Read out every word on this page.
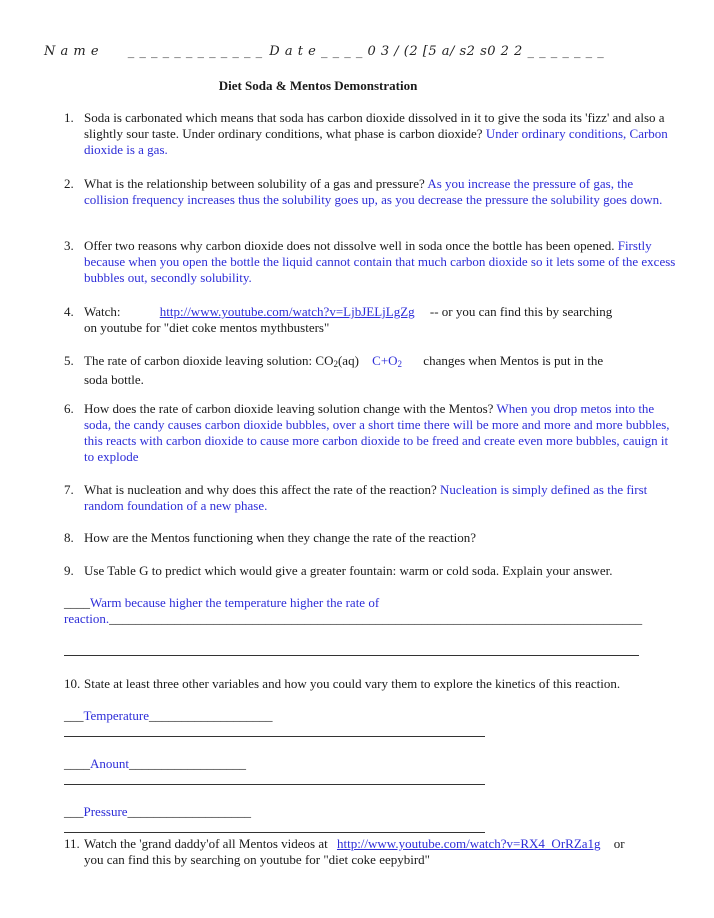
N a m e _ _ _ _ _ _ _ _ _ _ _ _ D a t e _ _ _ _ 0 3 / (2 [5 a/ s2 s0 2 2 _ _ _ _ _ _ _
Diet Soda & Mentos Demonstration
1. Soda is carbonated which means that soda has carbon dioxide dissolved in it to give the soda its 'fizz' and also a slightly sour taste. Under ordinary conditions, what phase is carbon dioxide? Under ordinary conditions, Carbon dioxide is a gas.
2. What is the relationship between solubility of a gas and pressure? As you increase the pressure of gas, the collision frequency increases thus the solubility goes up, as you decrease the pressure the solubility goes down.
3. Offer two reasons why carbon dioxide does not dissolve well in soda once the bottle has been opened. Firstly because when you open the bottle the liquid cannot contain that much carbon dioxide so it lets some of the excess bubbles out, secondly solubility.
4. Watch:	http://www.youtube.com/watch?v=LjbJELjLgZg -- or you can find this by searching
on youtube for "diet coke mentos mythbusters"
5. The rate of carbon dioxide leaving solution: $CO_2(aq)$ $C+O_2$ changes when Mentos is put in the
soda bottle.
6. How does the rate of carbon dioxide leaving solution change with the Mentos? When you drop metos into the soda, the candy causes carbon dioxide bubbles, over a short time there will be more and more and more bubbles, this reacts with carbon dioxide to cause more carbon dioxide to be freed and create even more bubbles, cauign it to explode
7. What is nucleation and why does this affect the rate of the reaction? Nucleation is simply defined as the first random foundation of a new phase.
8. How are the Mentos functioning when they change the rate of the reaction?
9. Use Table G to predict which would give a greater fountain: warm or cold soda. Explain your answer.
____Warm because higher the temperature higher the rate of
reaction.__________________________________________________________________________________
10. State at least three other variables and how you could vary them to explore the kinetics of this reaction.
___Temperature___________________
____Anount__________________
___Pressure___________________
11. Watch the 'grand daddy'of all Mentos videos at http://www.youtube.com/watch?v=RX4_OrRZa1g or
you can find this by searching on youtube for "diet coke eepybird"
